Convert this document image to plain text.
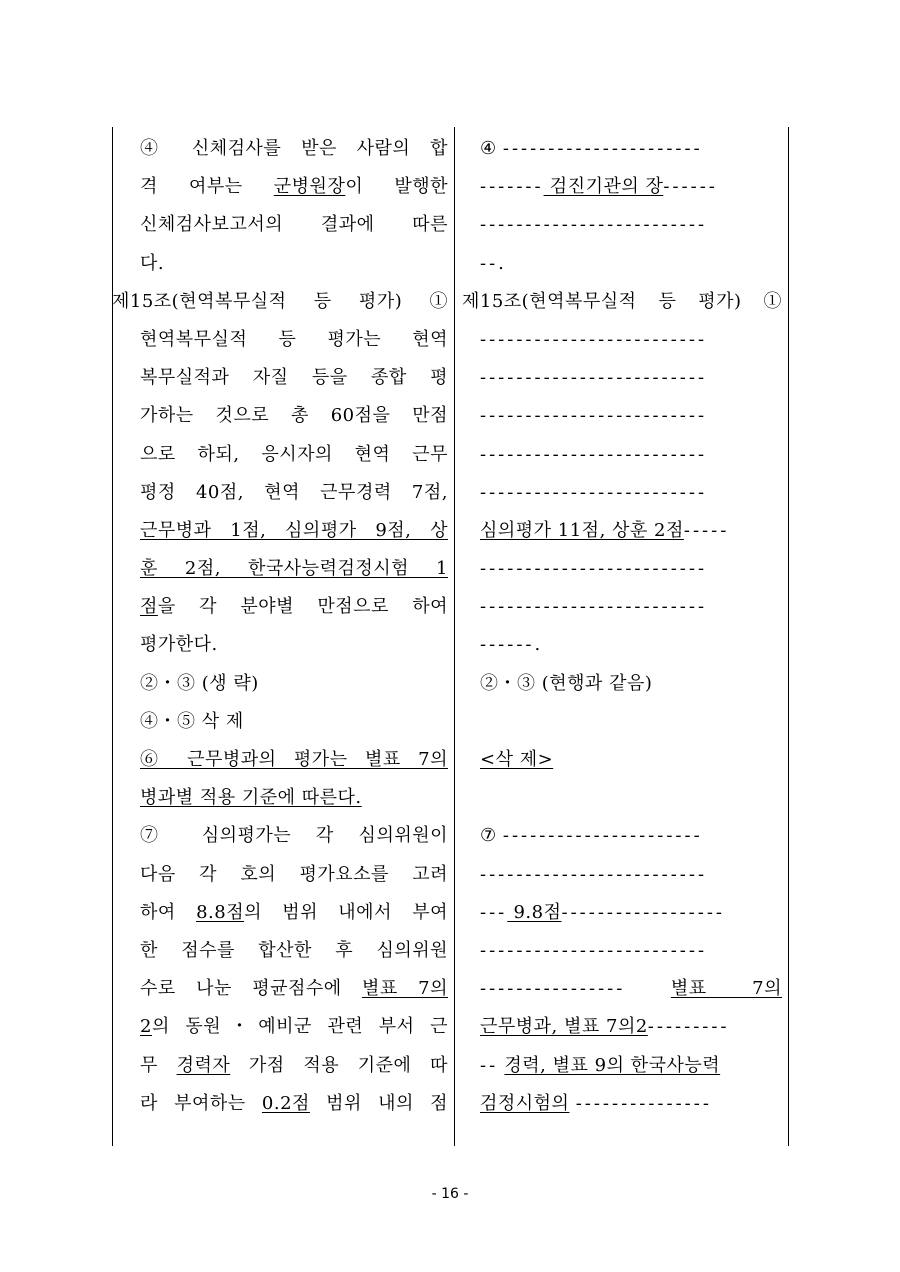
④ 신체검사를 받은 사람의 합
격 여부는 군병원장이 발행한
신체검사보고서의 결과에 따른
다.
제15조(현역복무실적 등 평가) ①
현역복무실적 등 평가는 현역
복무실적과 자질 등을 종합 평
가하는 것으로 총 60점을 만점
으로 하되, 응시자의 현역 근무
평정 40점, 현역 근무경력 7점,
근무병과 1점, 심의평가 9점, 상
훈 2점, 한국사능력검정시험 1
점을 각 분야별 만점으로 하여
평가한다.
②・③ (생 략)
④・⑤ 삭 제
⑥ 근무병과의 평가는 별표 7의
병과별 적용 기준에 따른다.
⑦ 심의평가는 각 심의위원이
다음 각 호의 평가요소를 고려
하여 8.8점의 범위 내에서 부여
한 점수를 합산한 후 심의위원
수로 나눈 평균점수에 별표 7의
2의 동원・예비군 관련 부서 근
무 경력자 가점 적용 기준에 따
라 부여하는 0.2점 범위 내의 점
④ ----------------------
------- 검진기관의 장------
-------------------------
--.
제15조(현역복무실적 등 평가) ①
-------------------------
-------------------------
-------------------------
-------------------------
-------------------------
심의평가 11점, 상훈 2점-----
-------------------------
-------------------------
------.
②・③ (현행과 같음)
<삭 제>
⑦ ----------------------
-------------------------
--- 9.8점------------------
-------------------------
----------------	별표 7의
근무병과, 별표 7의2---------
-- 경력, 별표 9의 한국사능력
검정시험의 ---------------
- 16 -
